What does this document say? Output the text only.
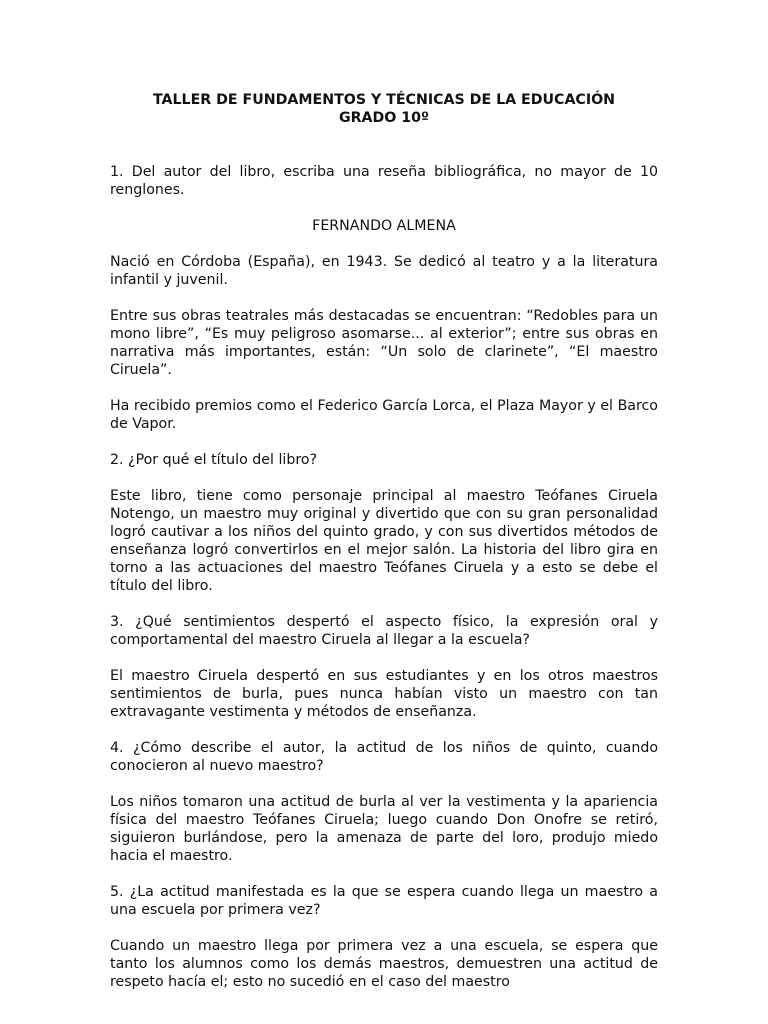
TALLER DE FUNDAMENTOS Y TÉCNICAS DE LA EDUCACIÓN
GRADO 10º

1. Del autor del libro, escriba una reseña bibliográfica, no mayor de 10 renglones.

FERNANDO ALMENA

Nació en Córdoba (España), en 1943. Se dedicó al teatro y a la literatura infantil y juvenil.

Entre sus obras teatrales más destacadas se encuentran: “Redobles para un mono libre”, “Es muy peligroso asomarse... al exterior”; entre sus obras en narrativa más importantes, están: “Un solo de clarinete”, “El maestro Ciruela”.

Ha recibido premios como el Federico García Lorca, el Plaza Mayor y el Barco de Vapor.

2. ¿Por qué el título del libro?

Este libro, tiene como personaje principal al maestro Teófanes Ciruela Notengo, un maestro muy original y divertido que con su gran personalidad logró cautivar a los niños del quinto grado, y con sus divertidos métodos de enseñanza logró convertirlos en el mejor salón. La historia del libro gira en torno a las actuaciones del maestro Teófanes Ciruela y a esto se debe el título del libro.

3. ¿Qué sentimientos despertó el aspecto físico, la expresión oral y comportamental del maestro Ciruela al llegar a la escuela?

El maestro Ciruela despertó en sus estudiantes y en los otros maestros sentimientos de burla, pues nunca habían visto un maestro con tan extravagante vestimenta y métodos de enseñanza.

4. ¿Cómo describe el autor, la actitud de los niños de quinto, cuando conocieron al nuevo maestro?

Los niños tomaron una actitud de burla al ver la vestimenta y la apariencia física del maestro Teófanes Ciruela; luego cuando Don Onofre se retiró, siguieron burlándose, pero la amenaza de parte del loro, produjo miedo hacia el maestro.

5. ¿La actitud manifestada es la que se espera cuando llega un maestro a una escuela por primera vez?

Cuando un maestro llega por primera vez a una escuela, se espera que tanto los alumnos como los demás maestros, demuestren una actitud de respeto hacía el; esto no sucedió en el caso del maestro
